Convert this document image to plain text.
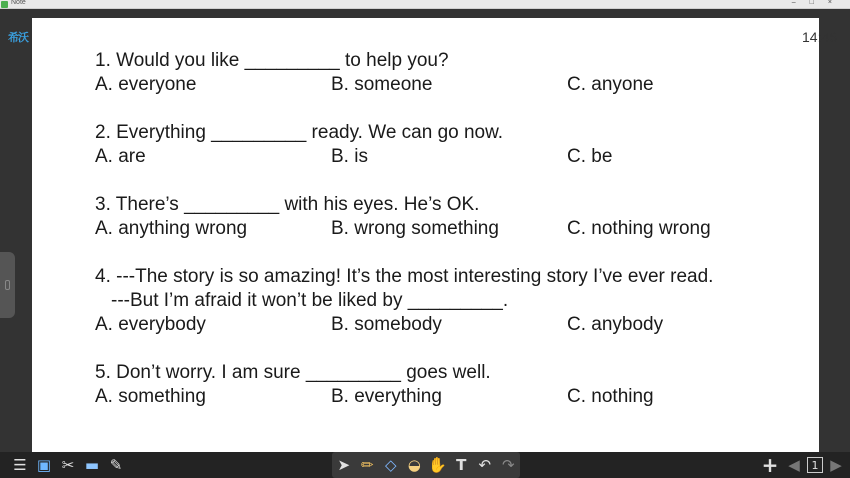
Note	–□×
希沃
1. Would you like _________ to help you?
A. everyone	B. someone	C. anyone
2. Everything _________ ready. We can go now.
A. are	B. is	C. be
3. There’s _________ with his eyes. He’s OK.
A. anything wrong	B. wrong something	C. nothing wrong
4. ---The story is so amazing! It’s the most interesting story I’ve ever read.
---But I’m afraid it won’t be liked by _________.
A. everybody	B. somebody	C. anybody
5. Don’t worry. I am sure _________ goes well.
A. something	B. everything	C. nothing
14:46
☰ ▣ ✂ ▬ ✎	➤ ✏ ◇ ◒ ✋ T ↶ ↷	+ ◀	1 ▶
